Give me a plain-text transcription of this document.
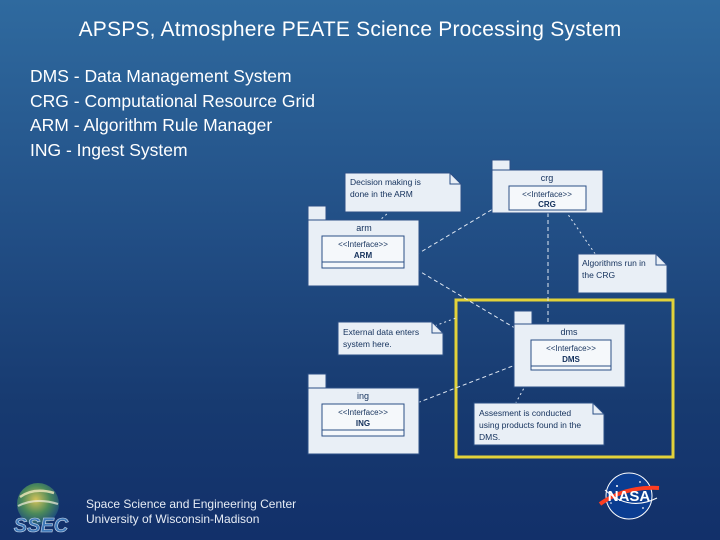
APSPS, Atmosphere PEATE Science Processing System
DMS - Data Management System
CRG - Computational Resource Grid
ARM - Algorithm Rule Manager
ING - Ingest System
crg
<<Interface>>
CRG
arm
<<Interface>>
ARM
dms
<<Interface>>
DMS
ing
<<Interface>>
ING
Decision making is
done in the ARM
Algorithms run in
the CRG
External data enters
system here.
Assesment is conducted
using products found in the
DMS.
SSEC
Space Science and Engineering Center
University of Wisconsin-Madison
NASA
